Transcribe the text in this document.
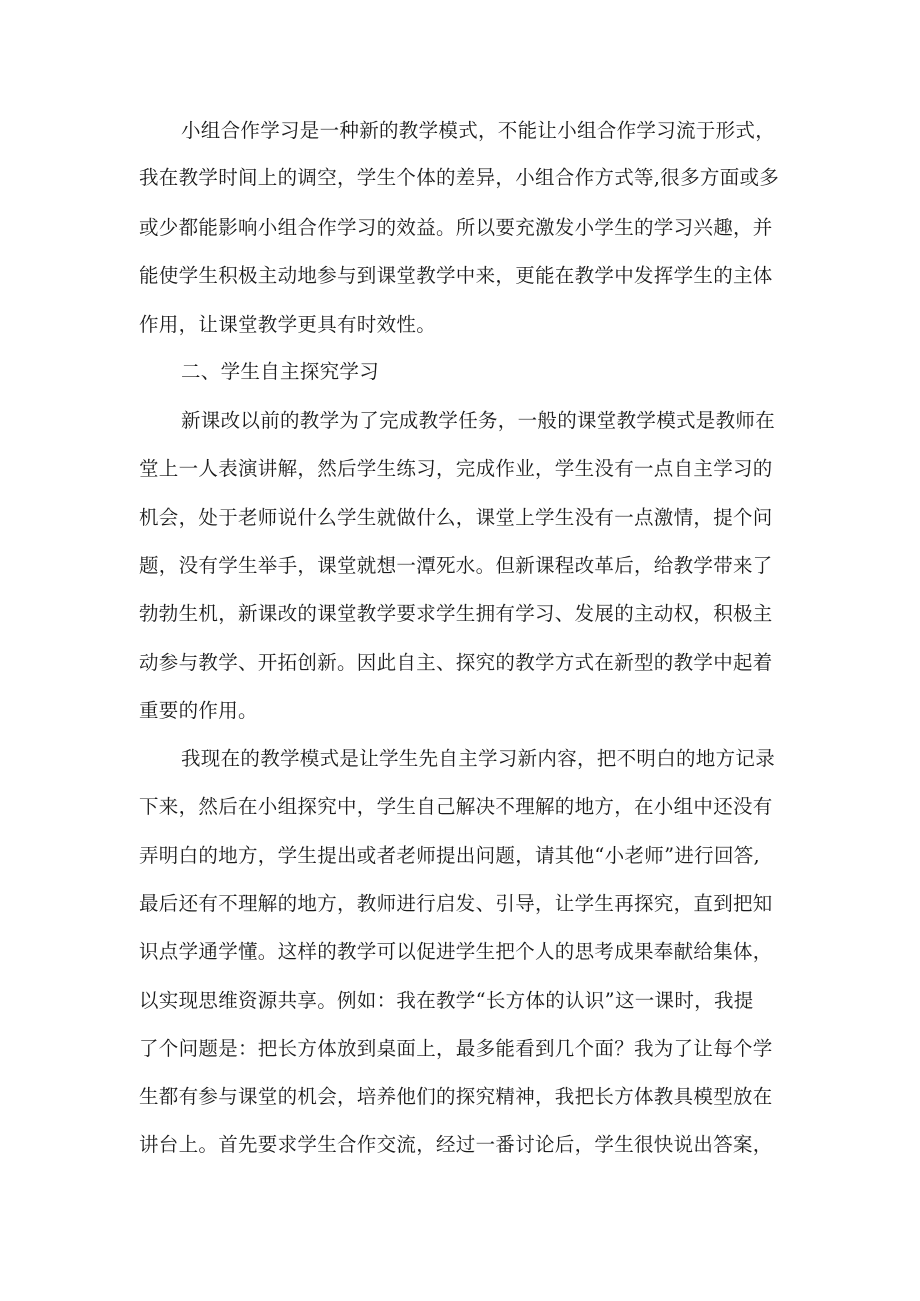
小组合作学习是一种新的教学模式，不能让小组合作学习流于形式，
我在教学时间上的调空，学生个体的差异，小组合作方式等,很多方面或多
或少都能影响小组合作学习的效益。所以要充激发小学生的学习兴趣，并
能使学生积极主动地参与到课堂教学中来，更能在教学中发挥学生的主体
作用，让课堂教学更具有时效性。
二、学生自主探究学习
新课改以前的教学为了完成教学任务，一般的课堂教学模式是教师在
堂上一人表演讲解，然后学生练习，完成作业，学生没有一点自主学习的
机会，处于老师说什么学生就做什么，课堂上学生没有一点激情，提个问
题，没有学生举手，课堂就想一潭死水。但新课程改革后，给教学带来了
勃勃生机，新课改的课堂教学要求学生拥有学习、发展的主动权，积极主
动参与教学、开拓创新。因此自主、探究的教学方式在新型的教学中起着
重要的作用。
我现在的教学模式是让学生先自主学习新内容，把不明白的地方记录
下来，然后在小组探究中，学生自己解决不理解的地方，在小组中还没有
弄明白的地方，学生提出或者老师提出问题，请其他“小老师”进行回答,
最后还有不理解的地方，教师进行启发、引导，让学生再探究，直到把知
识点学通学懂。这样的教学可以促进学生把个人的思考成果奉献给集体，
以实现思维资源共享。例如：我在教学“长方体的认识”这一课时，我提
了个问题是：把长方体放到桌面上，最多能看到几个面？我为了让每个学
生都有参与课堂的机会，培养他们的探究精神，我把长方体教具模型放在
讲台上。首先要求学生合作交流，经过一番讨论后，学生很快说出答案，
